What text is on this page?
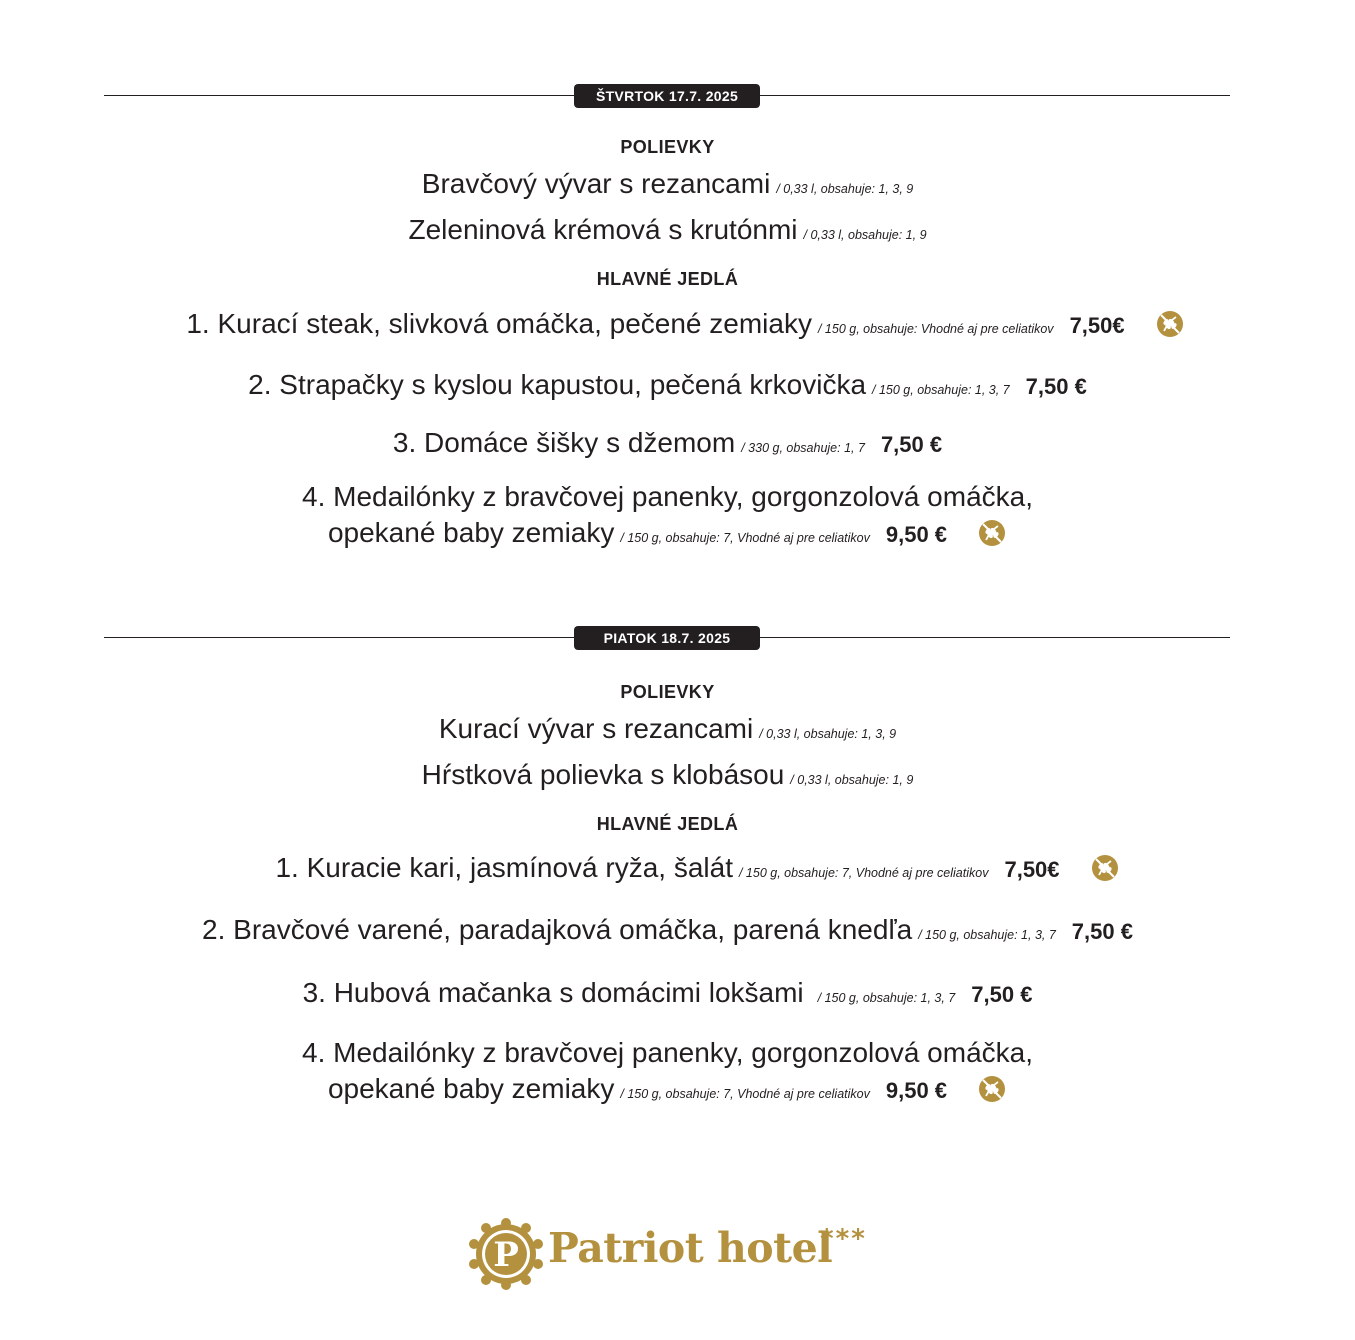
ŠTVRTOK 17.7. 2025
POLIEVKY
Bravčový vývar s rezancami / 0,33 l, obsahuje: 1, 3, 9
Zeleninová krémová s krutónmi / 0,33 l, obsahuje: 1, 9
HLAVNÉ JEDLÁ
1. Kurací steak, slivková omáčka, pečené zemiaky / 150 g, obsahuje: Vhodné aj pre celiatikov 7,50€
2. Strapačky s kyslou kapustou, pečená krkovička / 150 g, obsahuje: 1, 3, 7 7,50 €
3. Domáce šišky s džemom / 330 g, obsahuje: 1, 7 7,50 €
4. Medailónky z bravčovej panenky, gorgonzolová omáčka,
opekané baby zemiaky / 150 g, obsahuje: 7, Vhodné aj pre celiatikov 9,50 €
PIATOK 18.7. 2025
POLIEVKY
Kurací vývar s rezancami / 0,33 l, obsahuje: 1, 3, 9
Hŕstková polievka s klobásou / 0,33 l, obsahuje: 1, 9
HLAVNÉ JEDLÁ
1. Kuracie kari, jasmínová ryža, šalát / 150 g, obsahuje: 7, Vhodné aj pre celiatikov 7,50€
2. Bravčové varené, paradajková omáčka, parená knedľa / 150 g, obsahuje: 1, 3, 7 7,50 €
3. Hubová mačanka s domácimi lokšami / 150 g, obsahuje: 1, 3, 7 7,50 €
4. Medailónky z bravčovej panenky, gorgonzolová omáčka,
opekané baby zemiaky / 150 g, obsahuje: 7, Vhodné aj pre celiatikov 9,50 €
P Patriot hotel
***
